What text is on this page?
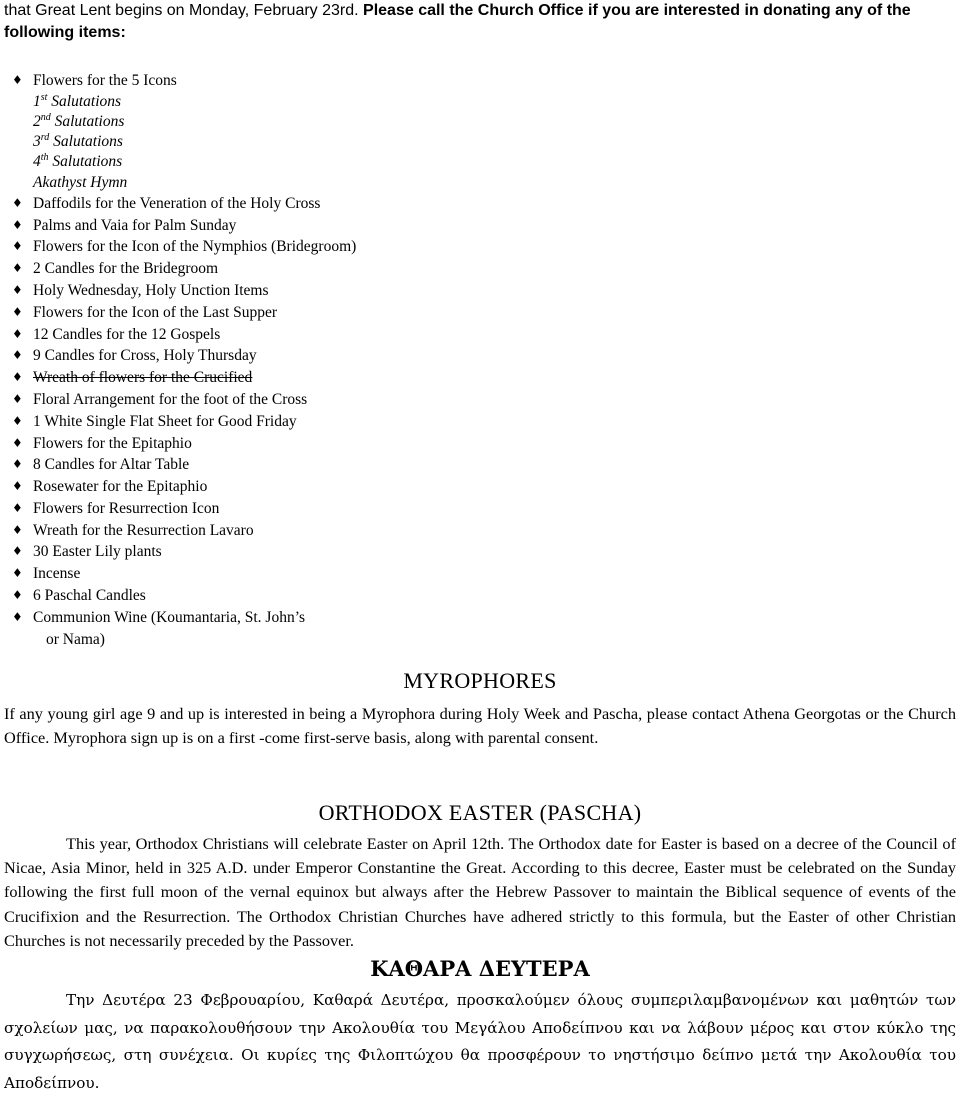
that Great Lent begins on Monday, February 23rd. Please call the Church Office if you are interested in donating any of the following items:
♦ Flowers for the 5 Icons
1st Salutations
2nd Salutations
3rd Salutations
4th Salutations
Akathyst Hymn
♦ Daffodils for the Veneration of the Holy Cross
♦ Palms and Vaia for Palm Sunday
♦ Flowers for the Icon of the Nymphios (Bridegroom)
♦ 2 Candles for the Bridegroom
♦ Holy Wednesday, Holy Unction Items
♦ Flowers for the Icon of the Last Supper
♦ 12 Candles for the 12 Gospels
♦ 9 Candles for Cross, Holy Thursday
♦ Wreath of flowers for the Crucified
♦ Floral Arrangement for the foot of the Cross
♦ 1 White Single Flat Sheet for Good Friday
♦ Flowers for the Epitaphio
♦ 8 Candles for Altar Table
♦ Rosewater for the Epitaphio
♦ Flowers for Resurrection Icon
♦ Wreath for the Resurrection Lavaro
♦ 30 Easter Lily plants
♦ Incense
♦ 6 Paschal Candles
♦ Communion Wine (Koumantaria, St. John’s
or Nama)
MYROPHORES
If any young girl age 9 and up is interested in being a Myrophora during Holy Week and Pascha, please contact Athena Georgotas or the Church Office. Myrophora sign up is on a first -come first-serve basis, along with parental consent.
ORTHODOX EASTER (PASCHA)
This year, Orthodox Christians will celebrate Easter on April 12th. The Orthodox date for Easter is based on a decree of the Council of Nicae, Asia Minor, held in 325 A.D. under Emperor Constantine the Great. According to this decree, Easter must be celebrated on the Sunday following the first full moon of the vernal equinox but always after the Hebrew Passover to maintain the Biblical sequence of events of the Crucifixion and the Resurrection. The Orthodox Christian Churches have adhered strictly to this formula, but the Easter of other Christian Churches is not necessarily preceded by the Passover.
ΚΑΘΑΡΑ ΔΕΥΤΕΡΑ
Την Δευτέρα 23 Φεβρουαρίου, Καθαρά Δευτέρα, προσκαλούμεν όλους συμπεριλαμβανομένων και μαθητών των σχολείων μας, να παρακολουθήσουν την Ακολουθία του Μεγάλου Αποδείπνου και να λάβουν μέρος και στον κύκλο της συγχωρήσεως, στη συνέχεια. Οι κυρίες της Φιλοπτώχου θα προσφέρουν το νηστήσιμο δείπνο μετά την Ακολουθία του Αποδείπνου.
